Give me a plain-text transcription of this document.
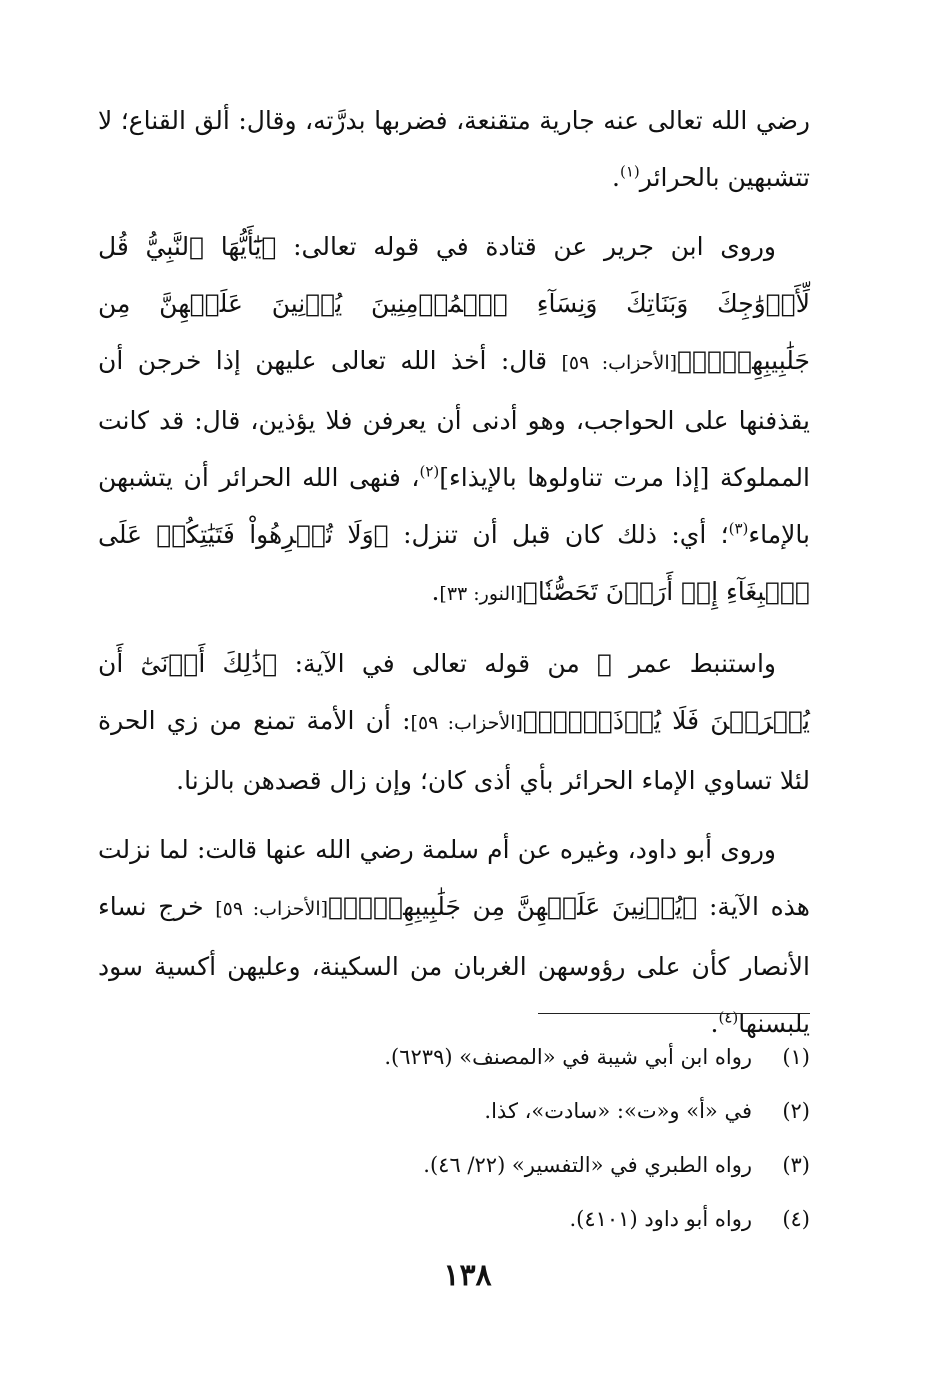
رضي الله تعالى عنه جارية متقنعة، فضربها بدرَّته، وقال: ألق القناع؛ لا تتشبهين بالحرائر$^{(١)}$.

وروى ابن جرير عن قتادة في قوله تعالى: ﴿يَٰٓأَيُّهَا ٱلنَّبِيُّ قُل لِّأَزۡوَٰجِكَ وَبَنَاتِكَ وَنِسَآءِ ٱلۡمُؤۡمِنِينَ يُدۡنِينَ عَلَيۡهِنَّ مِن جَلَٰبِيبِهِنَّۚ﴾[الأحزاب: ٥٩] قال: أخذ الله تعالى عليهن إذا خرجن أن يقذفنها على الحواجب، وهو أدنى أن يعرفن فلا يؤذين، قال: قد كانت المملوكة [إذا مرت تناولوها بالإيذاء]$^{(٢)}$، فنهى الله الحرائر أن يتشبهن بالإماء$^{(٣)}$؛ أي: ذلك كان قبل أن تنزل: ﴿وَلَا تُكۡرِهُواْ فَتَيَٰتِكُمۡ عَلَى ٱلۡبِغَآءِ إِنۡ أَرَدۡنَ تَحَصُّنٗا﴾[النور: ٣٣].

واستنبط عمر ﷺ من قوله تعالى في الآية: ﴿ذَٰلِكَ أَدۡنَىٰٓ أَن يُعۡرَفۡنَ فَلَا يُؤۡذَيۡنَۗ﴾[الأحزاب: ٥٩]: أن الأمة تمنع من زي الحرة لئلا تساوي الإماء الحرائر بأي أذى كان؛ وإن زال قصدهن بالزنا.

وروى أبو داود، وغيره عن أم سلمة رضي الله عنها قالت: لما نزلت هذه الآية: ﴿يُدۡنِينَ عَلَيۡهِنَّ مِن جَلَٰبِيبِهِنَّۚ﴾[الأحزاب: ٥٩] خرج نساء الأنصار كأن على رؤوسهن الغربان من السكينة، وعليهن أكسية سود يلبسنها$^{(٤)}$.

(١)رواه ابن أبي شيبة في «المصنف» (٦٢٣٩).
(٢)في «أ» و«ت»: «سادت»، كذا.
(٣)رواه الطبري في «التفسير» (٢٢/ ٤٦).
(٤)رواه أبو داود (٤١٠١).
١٣٨
